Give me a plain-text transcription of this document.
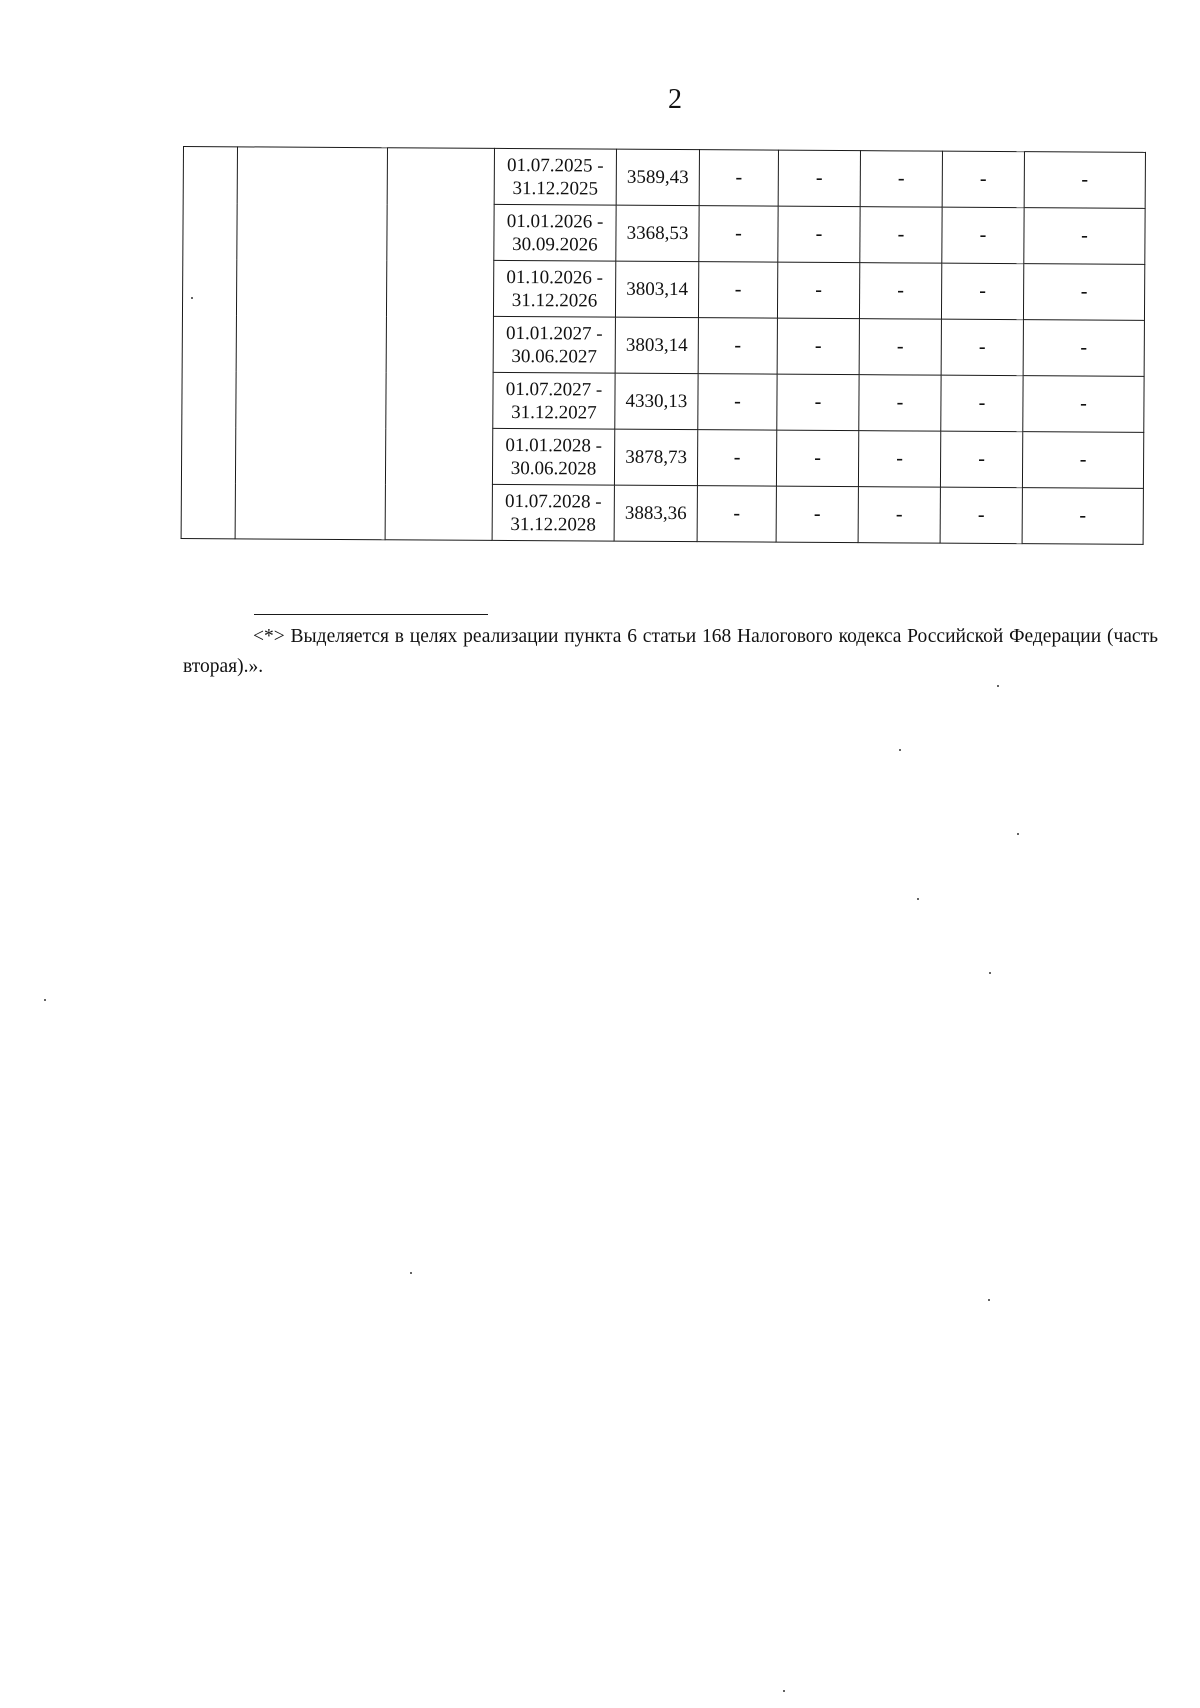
2
			01.07.2025 -
31.12.2025	3589,43	-	-	-	-	-
			01.01.2026 -
30.09.2026	3368,53	-	-	-	-	-
			01.10.2026 -
31.12.2026	3803,14	-	-	-	-	-
			01.01.2027 -
30.06.2027	3803,14	-	-	-	-	-
			01.07.2027 -
31.12.2027	4330,13	-	-	-	-	-
			01.01.2028 -
30.06.2028	3878,73	-	-	-	-	-
			01.07.2028 -
31.12.2028	3883,36	-	-	-	-	-
<*> Выделяется в целях реализации пункта 6 статьи 168 Налогового кодекса Российской Федерации (часть вторая).».
